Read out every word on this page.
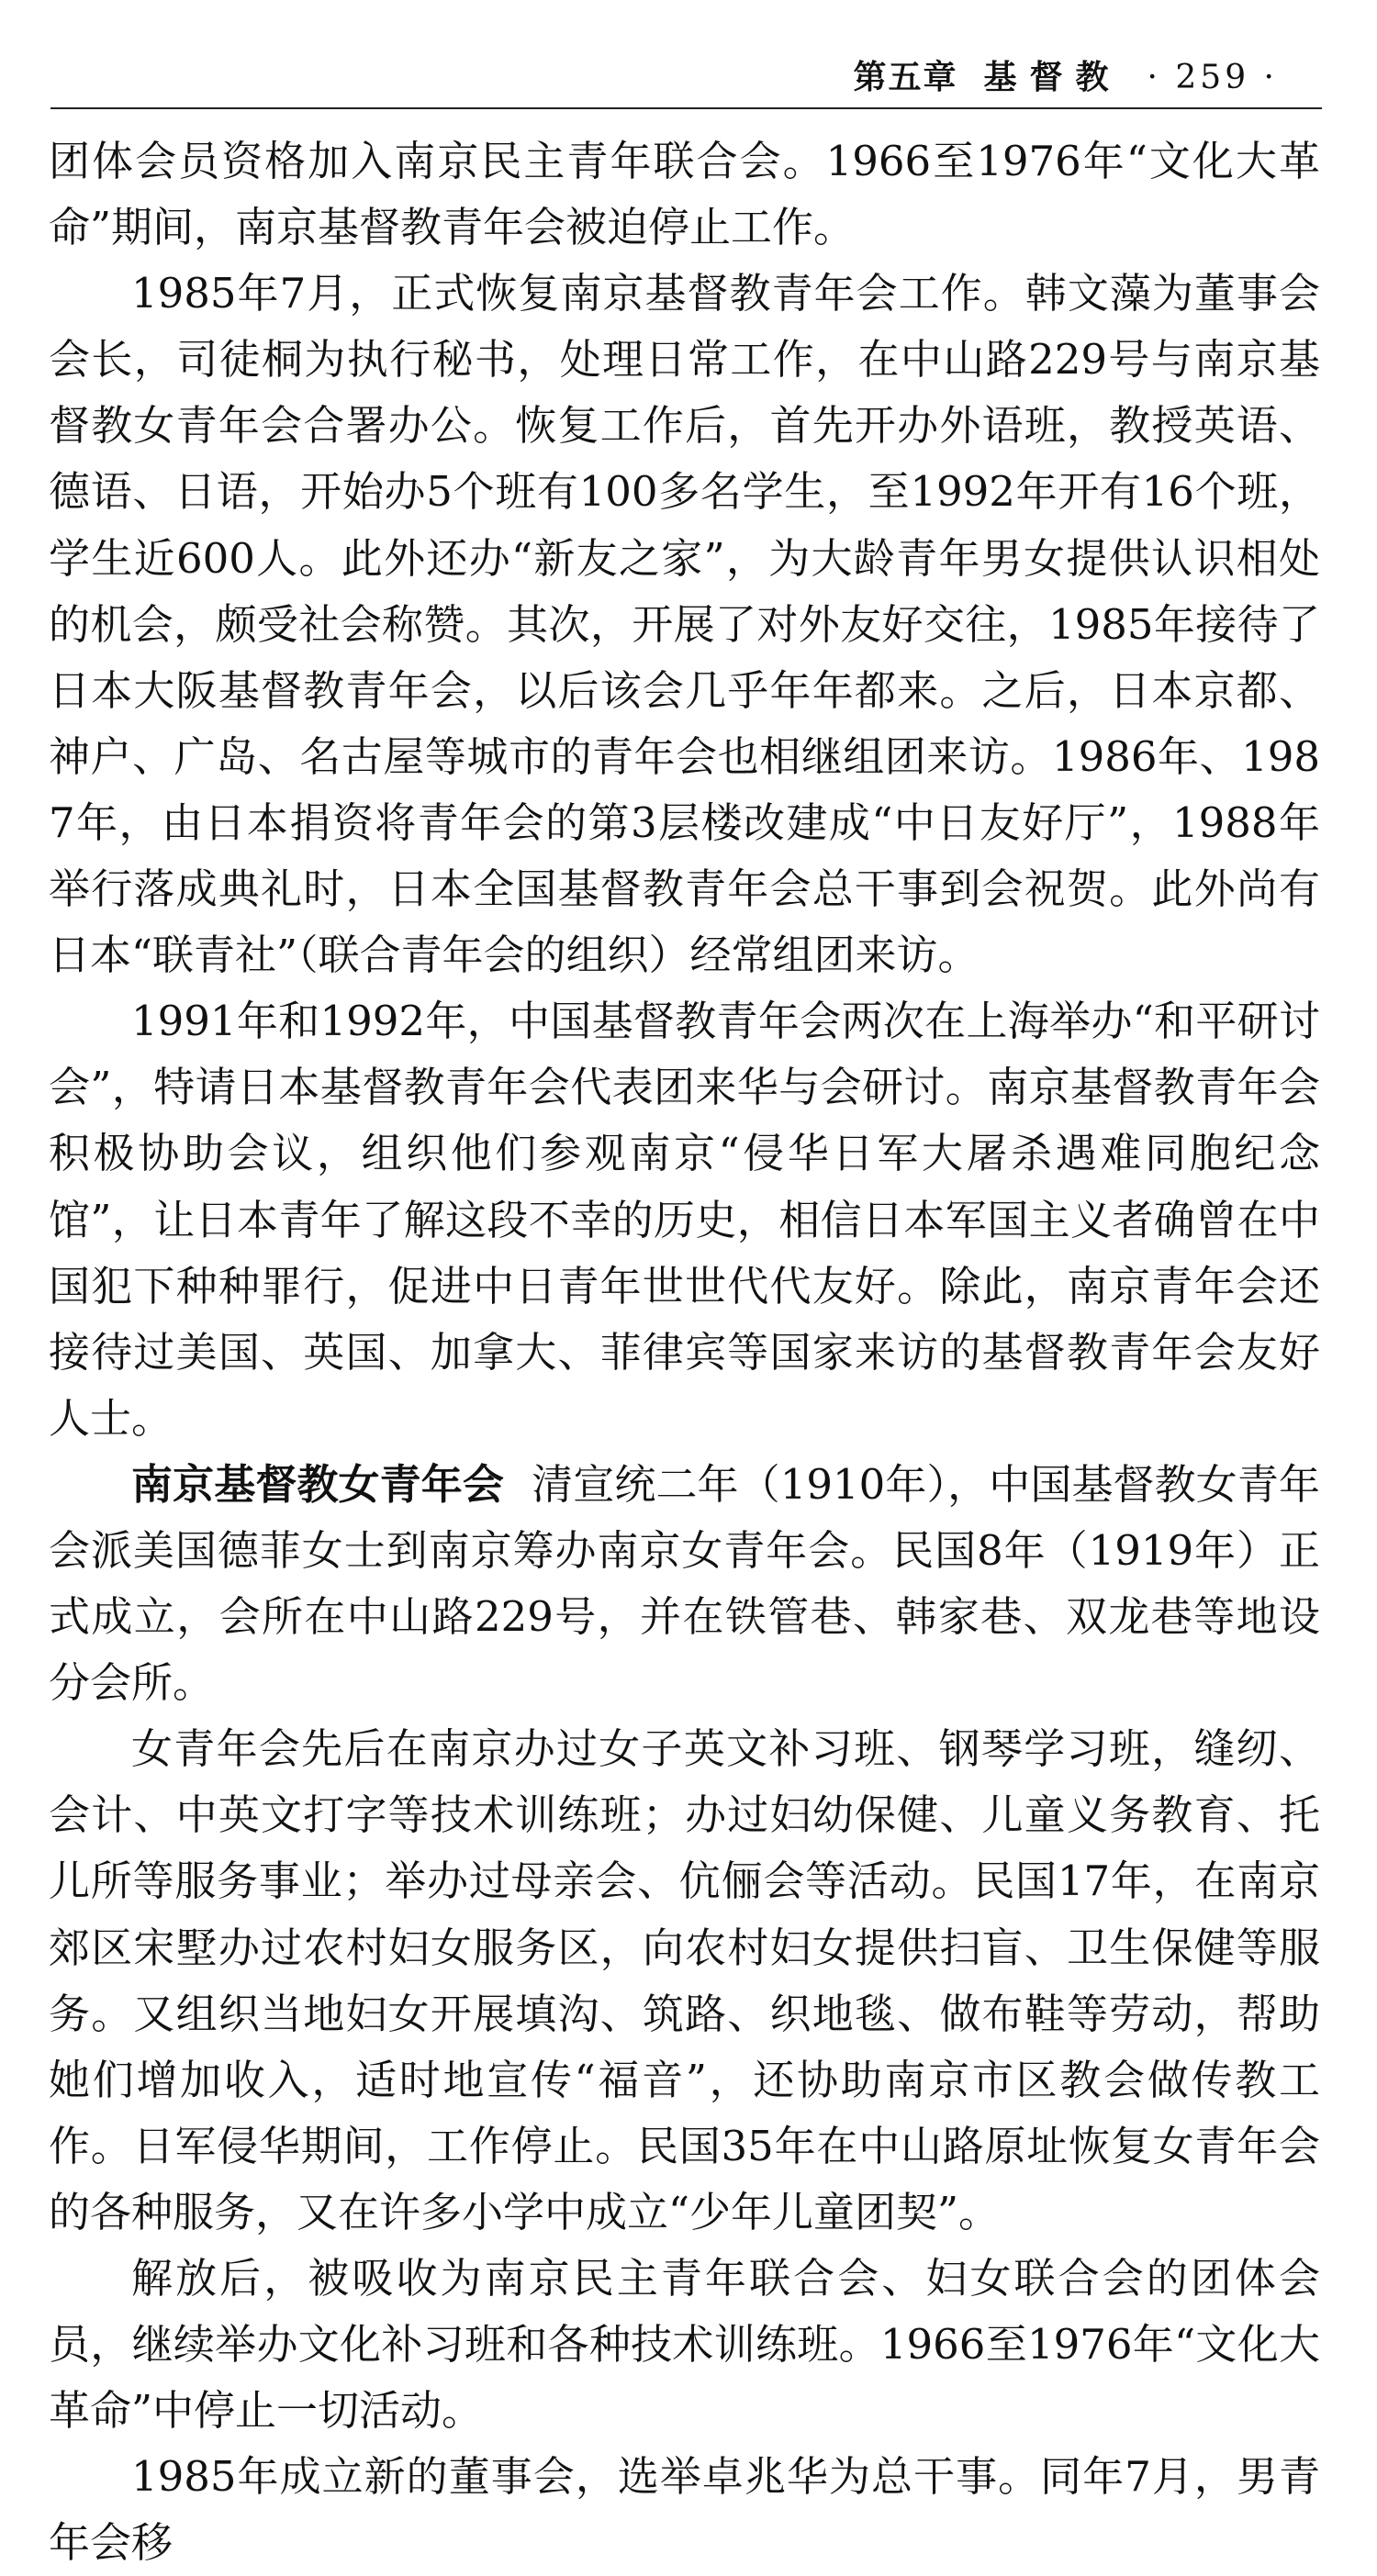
第五章 基督教 · 259 ·

团体会员资格加入南京民主青年联合会。1966至1976年“文化大革命”期间，南京基督教青年会被迫停止工作。

1985年7月，正式恢复南京基督教青年会工作。韩文藻为董事会会长，司徒桐为执行秘书，处理日常工作，在中山路229号与南京基督教女青年会合署办公。恢复工作后，首先开办外语班，教授英语、德语、日语，开始办5个班有100多名学生，至1992年开有16个班，学生近600人。此外还办“新友之家”，为大龄青年男女提供认识相处的机会，颇受社会称赞。其次，开展了对外友好交往，1985年接待了日本大阪基督教青年会，以后该会几乎年年都来。之后，日本京都、神户、广岛、名古屋等城市的青年会也相继组团来访。1986年、1987年，由日本捐资将青年会的第3层楼改建成“中日友好厅”，1988年举行落成典礼时，日本全国基督教青年会总干事到会祝贺。此外尚有日本“联青社”（联合青年会的组织）经常组团来访。

1991年和1992年，中国基督教青年会两次在上海举办“和平研讨会”，特请日本基督教青年会代表团来华与会研讨。南京基督教青年会积极协助会议，组织他们参观南京“侵华日军大屠杀遇难同胞纪念馆”，让日本青年了解这段不幸的历史，相信日本军国主义者确曾在中国犯下种种罪行，促进中日青年世世代代友好。除此，南京青年会还接待过美国、英国、加拿大、菲律宾等国家来访的基督教青年会友好人士。

南京基督教女青年会 清宣统二年（1910年），中国基督教女青年会派美国德菲女士到南京筹办南京女青年会。民国8年（1919年）正式成立，会所在中山路229号，并在铁管巷、韩家巷、双龙巷等地设分会所。

女青年会先后在南京办过女子英文补习班、钢琴学习班，缝纫、会计、中英文打字等技术训练班；办过妇幼保健、儿童义务教育、托儿所等服务事业；举办过母亲会、伉俪会等活动。民国17年，在南京郊区宋墅办过农村妇女服务区，向农村妇女提供扫盲、卫生保健等服务。又组织当地妇女开展填沟、筑路、织地毯、做布鞋等劳动，帮助她们增加收入，适时地宣传“福音”，还协助南京市区教会做传教工作。日军侵华期间，工作停止。民国35年在中山路原址恢复女青年会的各种服务，又在许多小学中成立“少年儿童团契”。

解放后，被吸收为南京民主青年联合会、妇女联合会的团体会员，继续举办文化补习班和各种技术训练班。1966至1976年“文化大革命”中停止一切活动。

1985年成立新的董事会，选举卓兆华为总干事。同年7月，男青年会移
